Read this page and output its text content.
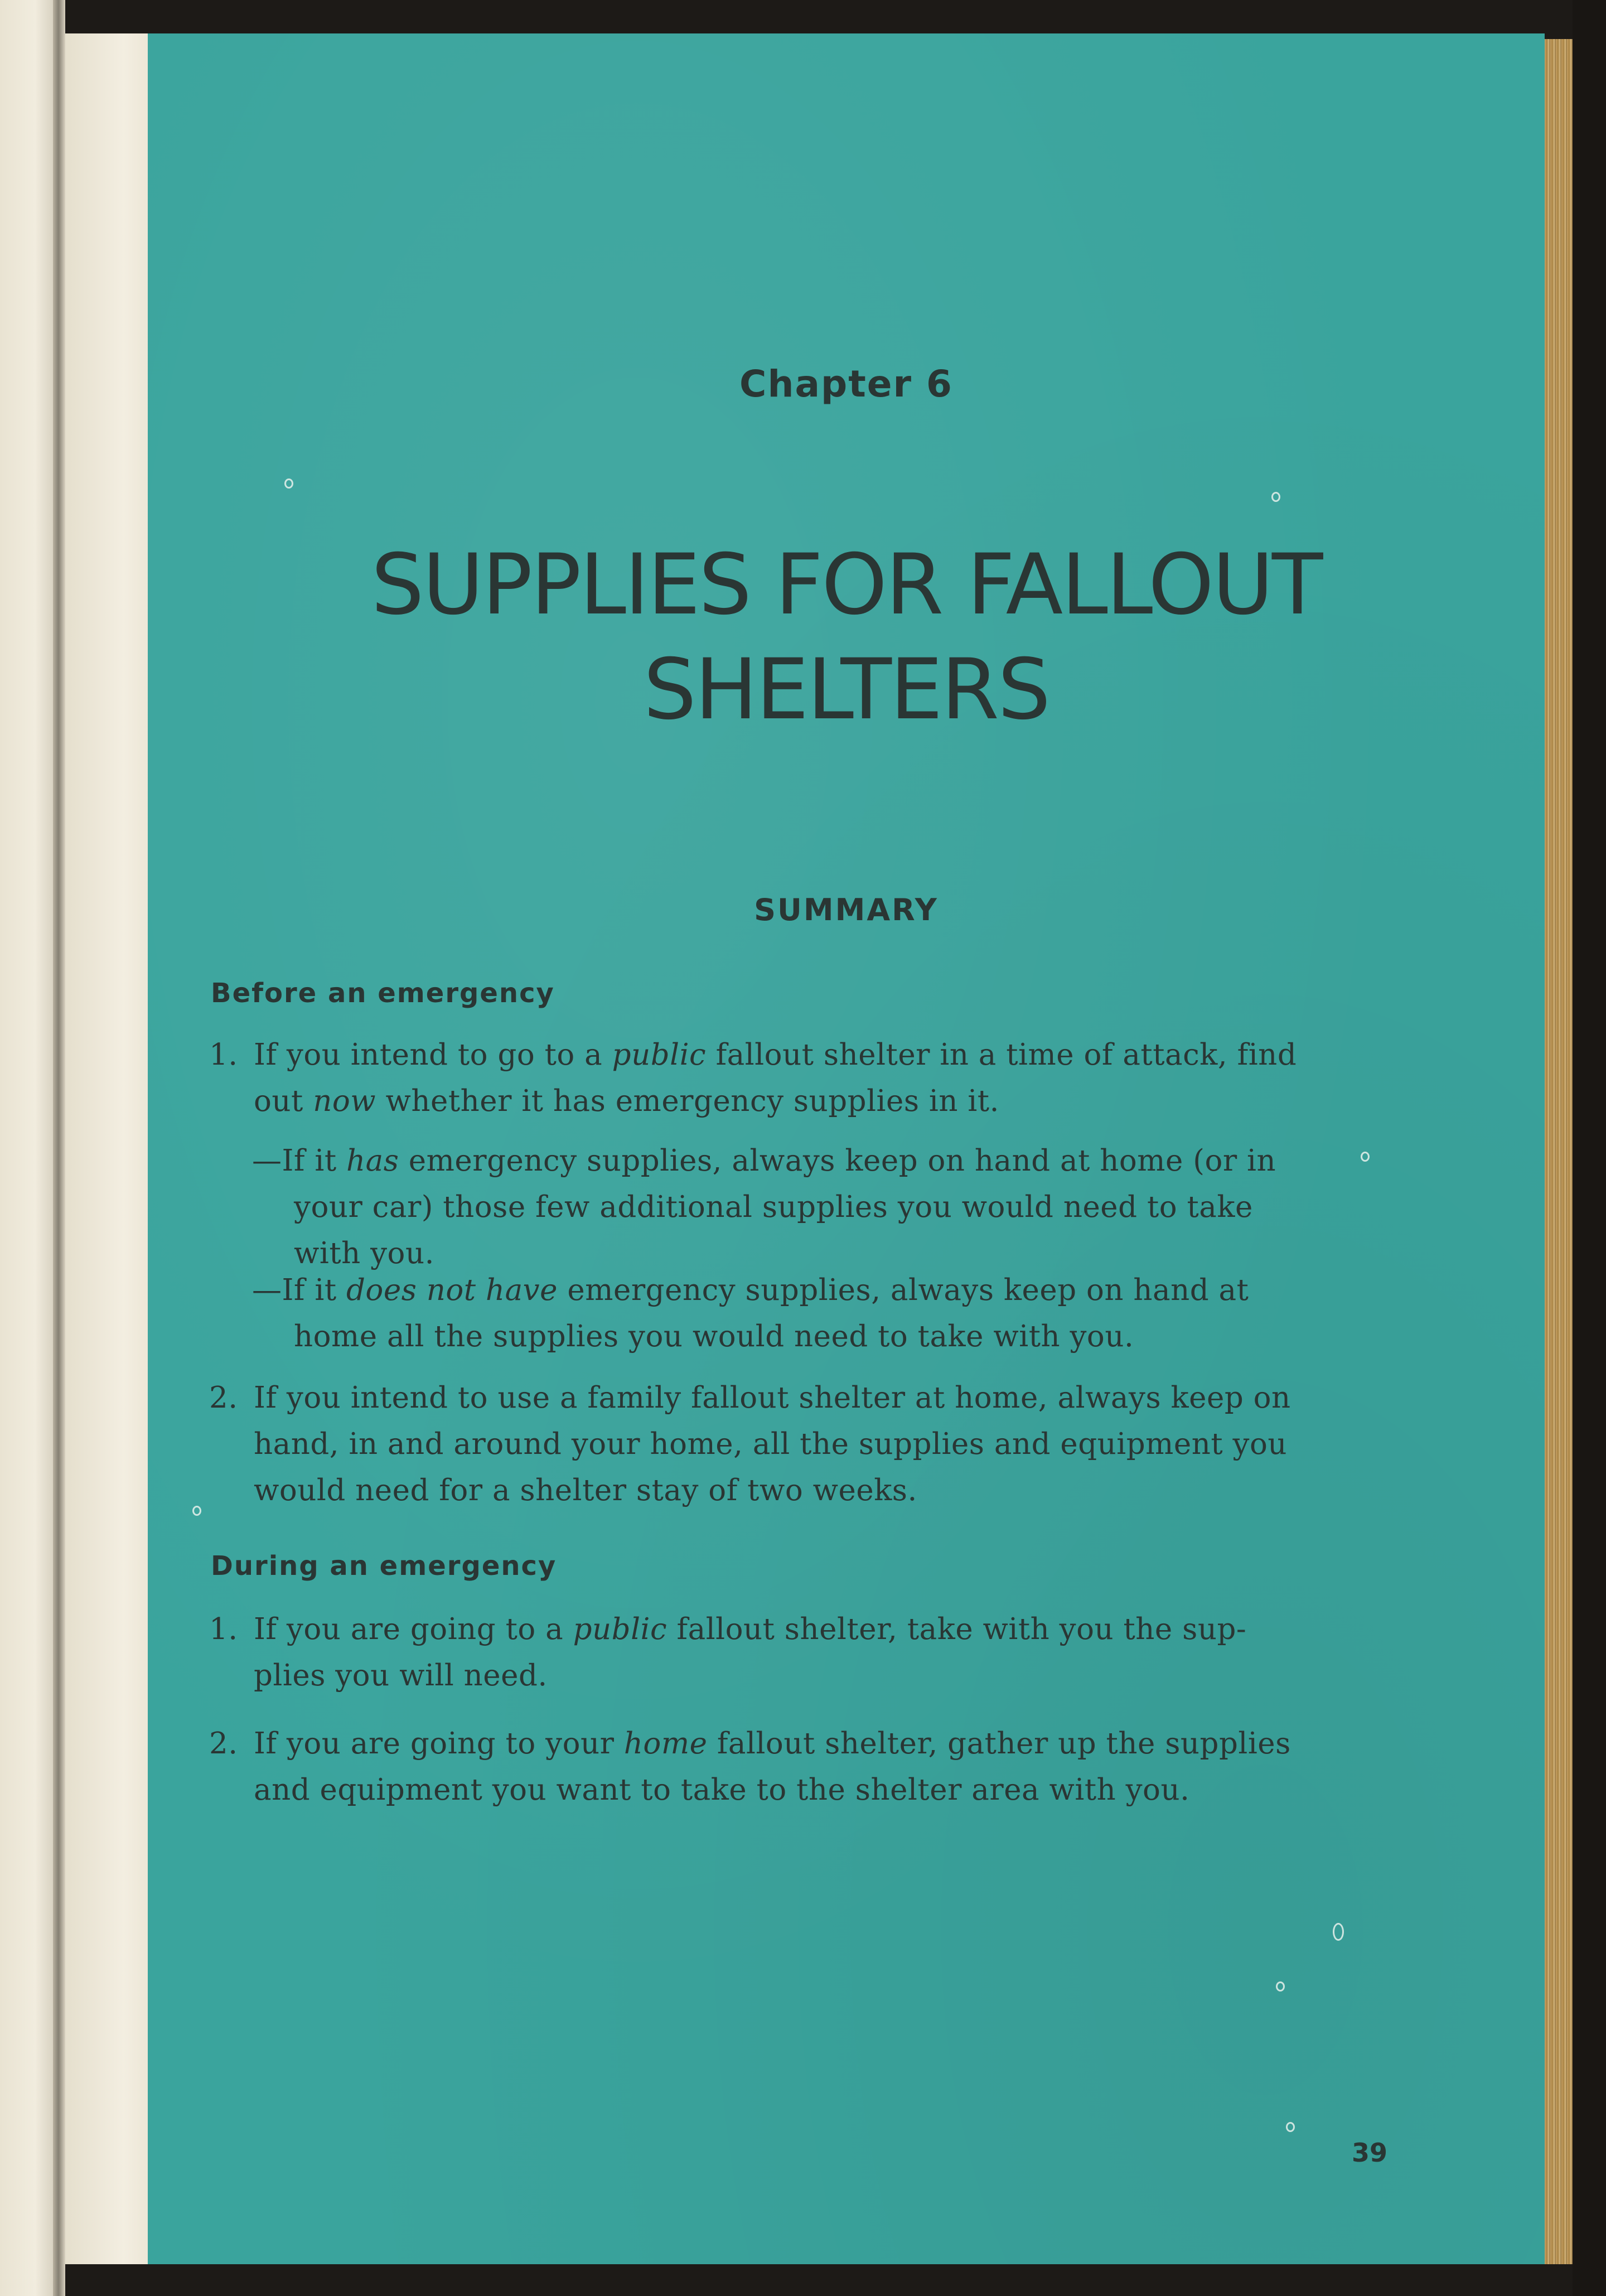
Chapter 6
SUPPLIES FOR FALLOUT
SHELTERS
SUMMARY
Before an emergency
1. If you intend to go to a public fallout shelter in a time of attack, find

out now whether it has emergency supplies in it.

—If it has emergency supplies, always keep on hand at home (or in

your car) those few additional supplies you would need to take

with you.

—If it does not have emergency supplies, always keep on hand at

home all the supplies you would need to take with you.

2. If you intend to use a family fallout shelter at home, always keep on

hand, in and around your home, all the supplies and equipment you

would need for a shelter stay of two weeks.

During an emergency
1. If you are going to a public fallout shelter, take with you the sup-

plies you will need.

2. If you are going to your home fallout shelter, gather up the supplies

and equipment you want to take to the shelter area with you.

39
